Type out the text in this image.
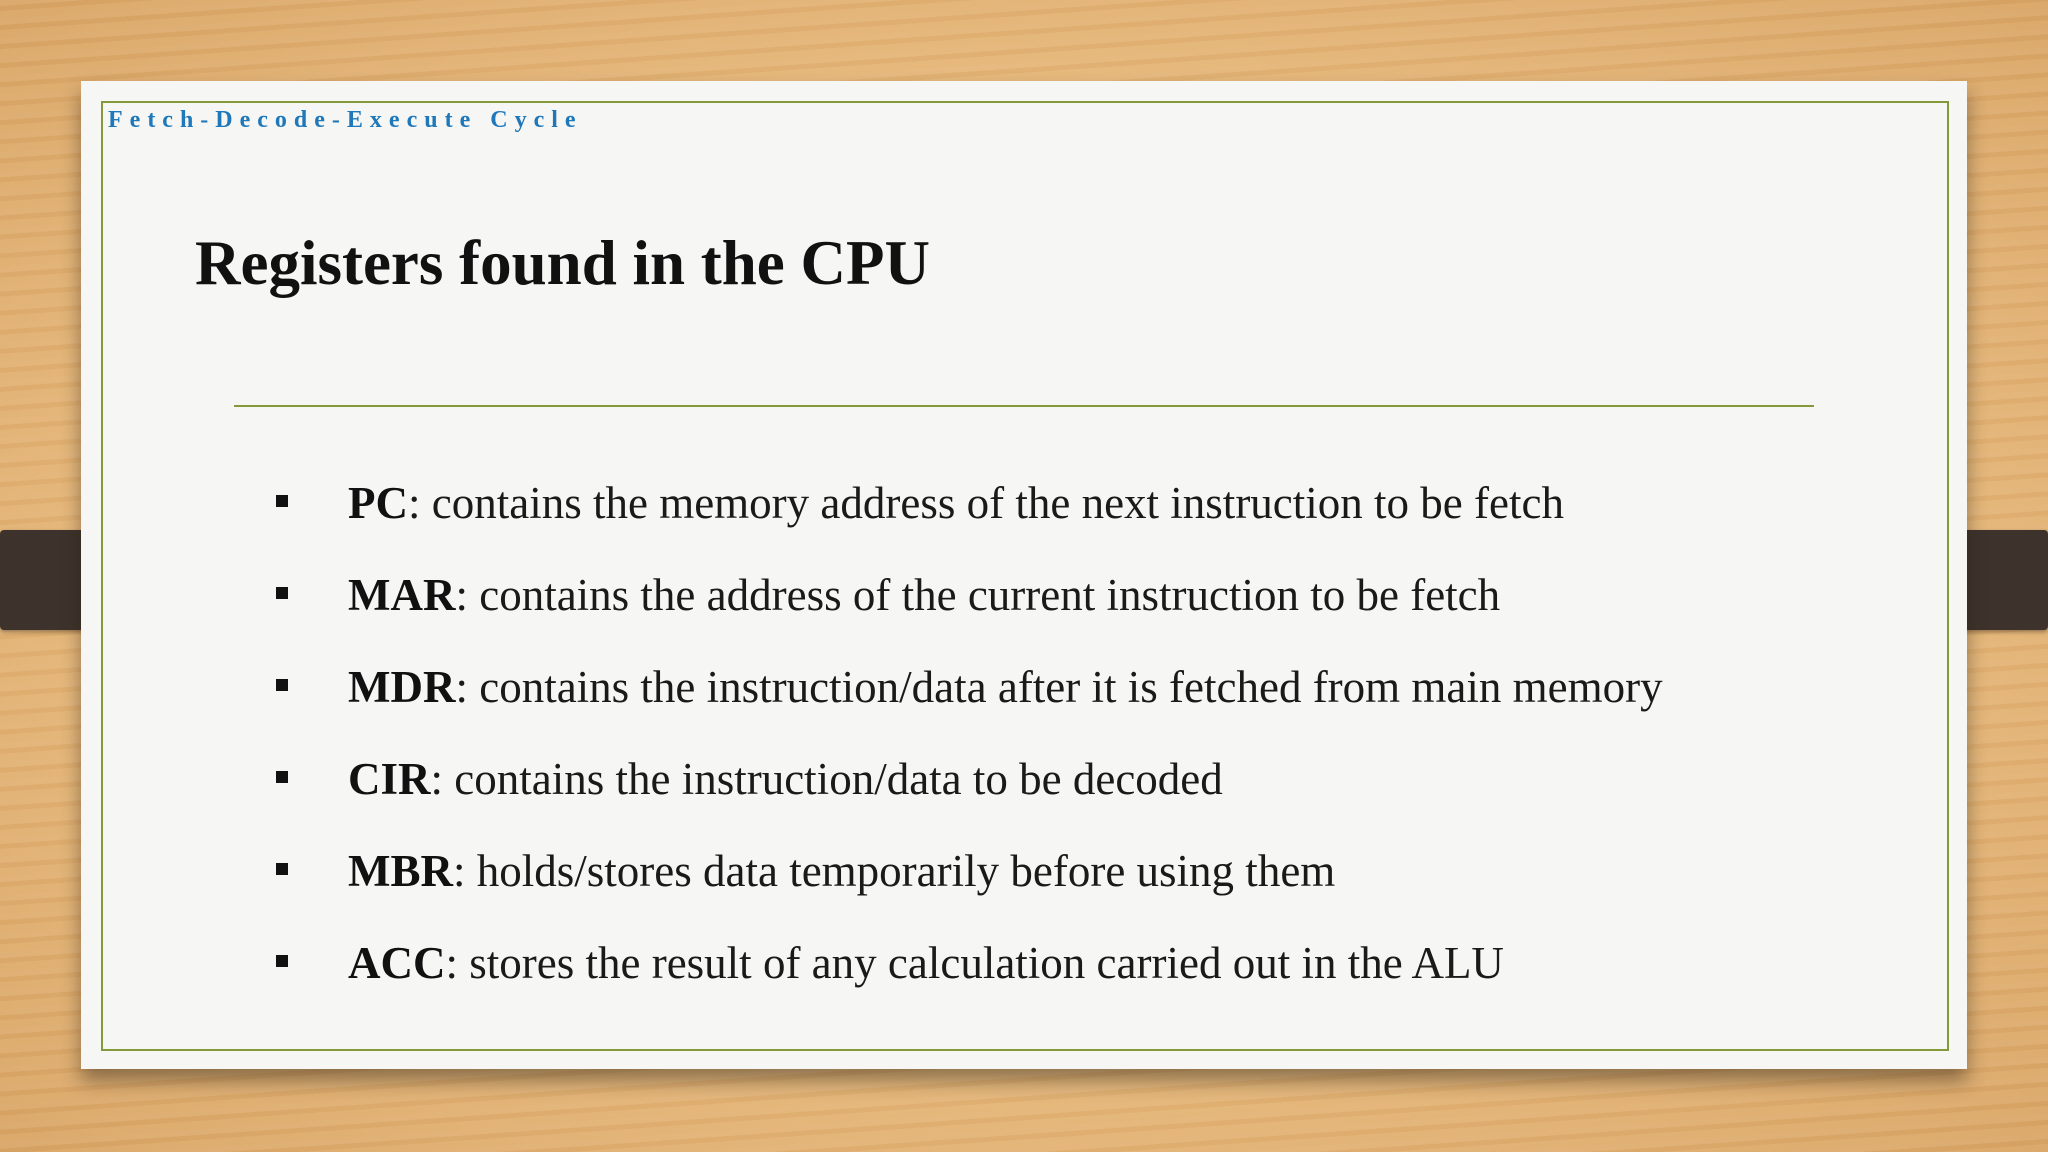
Fetch-Decode-Execute Cycle
Registers found in the CPU
PC: contains the memory address of the next instruction to be fetch
MAR: contains the address of the current instruction to be fetch
MDR: contains the instruction/data after it is fetched from main memory
CIR: contains the instruction/data to be decoded
MBR: holds/stores data temporarily before using them
ACC: stores the result of any calculation carried out in the ALU
